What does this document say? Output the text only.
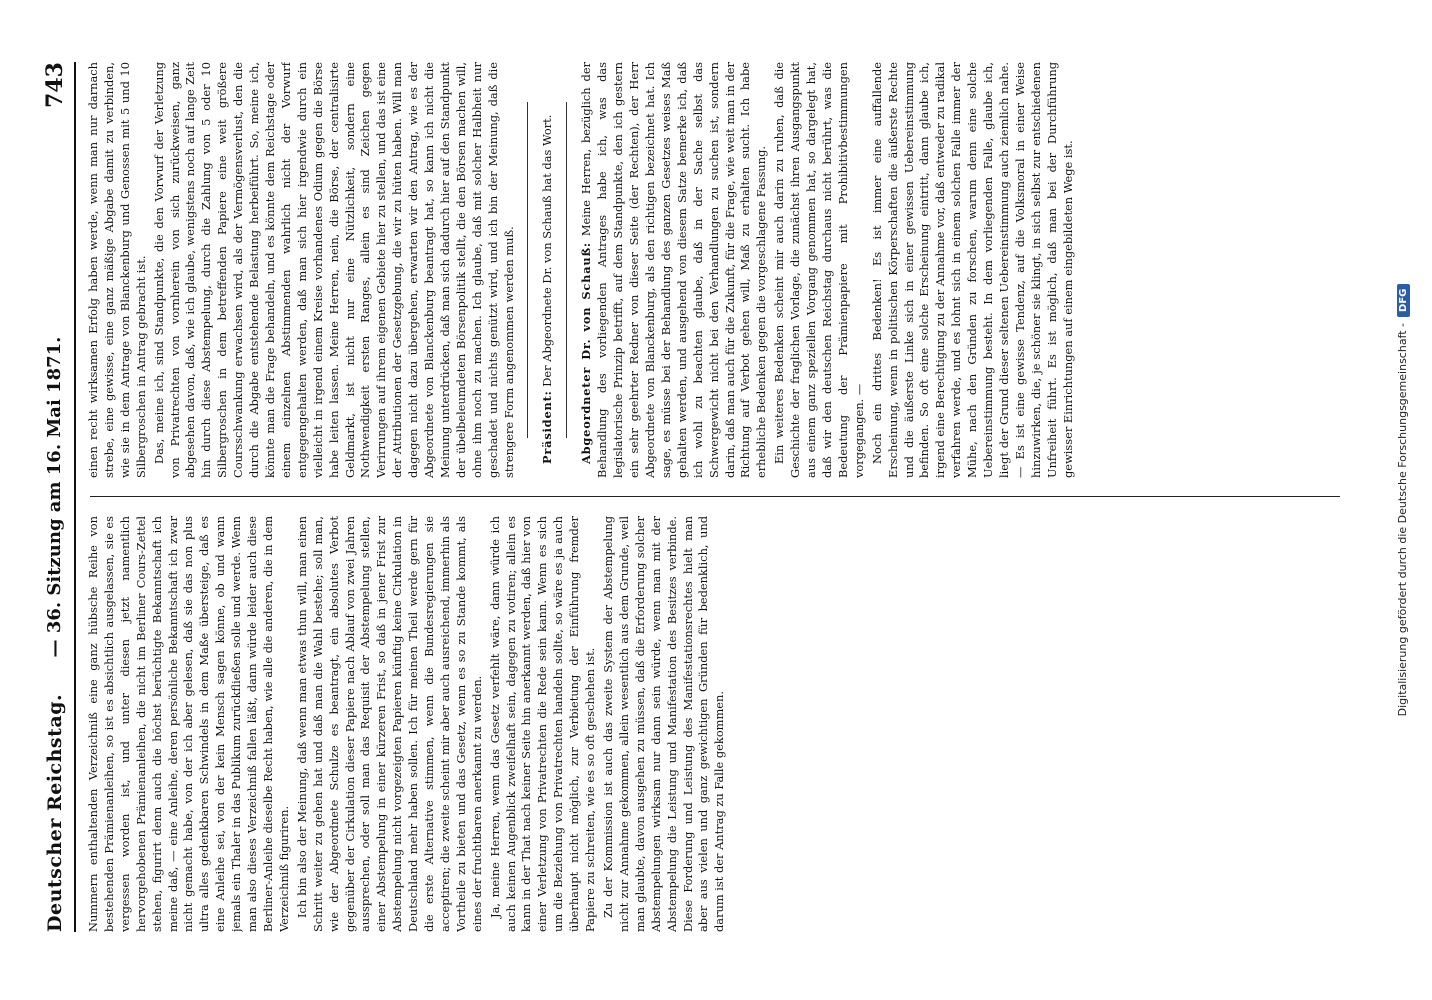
Deutscher Reichstag.
— 36. Sitzung am 16. Mai 1871.
743

Nummern enthaltenden Verzeichniß eine ganz hübsche Reihe von bestehenden Prämienanleihen, so ist es absichtlich ausgelassen, sie es vergessen worden ist, und unter diesen jetzt namentlich hervorgehobenen Prämienanleihen, die nicht im Berliner Cours-Zettel stehen, figurirt denn auch die höchst berüchtigte Bekanntschaft ich meine daß, — eine Anleihe, deren persönliche Bekanntschaft ich zwar nicht gemacht habe, von der ich aber gelesen, daß sie das non plus ultra alles gedenkbaren Schwindels in dem Maße übersteige, daß es eine Anleihe sei, von der kein Mensch sagen könne, ob und wann jemals ein Thaler in das Publikum zurückfließen solle und werde. Wenn man also dieses Verzeichniß fallen läßt, dann würde leider auch diese Berliner-Anleihe dieselbe Recht haben, wie alle die anderen, die in dem Verzeichniß figuriren. Ich bin also der Meinung, daß wenn man etwas thun will, man einen Schritt weiter zu gehen hat und daß man die Wahl bestehe; soll man, wie der Abgeordnete Schulze es beantragt, ein absolutes Verbot gegenüber der Cirkulation dieser Papiere nach Ablauf von zwei Jahren aussprechen, oder soll man das Requisit der Abstempelung stellen, einer Abstempelung in einer kürzeren Frist, so daß in jener Frist zur Abstempelung nicht vorgezeigten Papieren künftig keine Cirkulation in Deutschland mehr haben sollen. Ich für meinen Theil werde gern für die erste Alternative stimmen, wenn die Bundesregierungen sie acceptiren; die zweite scheint mir aber auch ausreichend, immerhin als Vortheile zu bieten und das Gesetz, wenn es so zu Stande kommt, als eines der fruchtbaren anerkannt zu werden. Ja, meine Herren, wenn das Gesetz verfehlt wäre, dann würde ich auch keinen Augenblick zweifelhaft sein, dagegen zu votiren; allein es kann in der That nach keiner Seite hin anerkannt werden, daß hier von einer Verletzung von Privatrechten die Rede sein kann. Wenn es sich um die Beziehung von Privatrechten handeln sollte, so wäre es ja auch überhaupt nicht möglich, zur Verbietung der Einführung fremder Papiere zu schreiten, wie es so oft geschehen ist. Zu der Kommission ist auch das zweite System der Abstempelung nicht zur Annahme gekommen, allein wesentlich aus dem Grunde, weil man glaubte, davon ausgehen zu müssen, daß die Erforderung solcher Abstempelungen wirksam nur dann sein würde, wenn man mit der Abstempelung die Leistung und Manifestation des Besitzes verbinde. Diese Forderung und Leistung des Manifestationsrechtes hielt man aber aus vielen und ganz gewichtigen Gründen für bedenklich, und darum ist der Antrag zu Falle gekommen.

einen recht wirksamen Erfolg haben werde, wenn man nur darnach strebe, eine gewisse, eine ganz mäßige Abgabe damit zu verbinden, wie sie in dem Antrage von Blanckenburg und Genossen mit 5 und 10 Silbergroschen in Antrag gebracht ist. Das, meine ich, sind Standpunkte, die den Vorwurf der Verletzung von Privatrechten von vornherein von sich zurückweisen, ganz abgesehen davon, daß, wie ich glaube, wenigstens noch auf lange Zeit hin durch diese Abstempelung, durch die Zahlung von 5 oder 10 Silbergroschen in dem betreffenden Papiere eine weit größere Coursschwankung erwachsen wird, als der Vermögensverlust, den die durch die Abgabe entstehende Belastung herbeiführt. So, meine ich, könnte man die Frage behandeln, und es könnte dem Reichstage oder einem einzelnen Abstimmenden wahrlich nicht der Vorwurf entgegengehalten werden, daß man sich hier irgendwie durch ein vielleicht in irgend einem Kreise vorhandenes Odium gegen die Börse habe leiten lassen. Meine Herren, nein, die Börse, der centralisirte Geldmarkt, ist nicht nur eine Nützlichkeit, sondern eine Nothwendigkeit ersten Ranges, allein es sind Zeichen gegen Verirrungen auf ihrem eigenen Gebiete hier zu stellen, und das ist eine der Attributionen der Gesetzgebung, die wir zu hüten haben. Will man dagegen nicht dazu übergehen, erwarten wir den Antrag, wie es der Abgeordnete von Blanckenburg beantragt hat, so kann ich nicht die Meinung unterdrücken, daß man sich dadurch hier auf den Standpunkt der übelbeleumdeten Börsenpolitik stellt, die den Börsen machen will, ohne ihm noch zu machen. Ich glaube, daß mit solcher Halbheit nur geschadet und nichts genützt wird, und ich bin der Meinung, daß die strengere Form angenommen werden muß. Präsident: Der Abgeordnete Dr. von Schauß hat das Wort. Abgeordneter Dr. von Schauß: Meine Herren, bezüglich der Behandlung des vorliegenden Antrages habe ich, was das legislatorische Prinzip betrifft, auf dem Standpunkte, den ich gestern ein sehr geehrter Redner von dieser Seite (der Rechten), der Herr Abgeordnete von Blanckenburg, als den richtigen bezeichnet hat. Ich sage, es müsse bei der Behandlung des ganzen Gesetzes weises Maß gehalten werden, und ausgehend von diesem Satze bemerke ich, daß ich wohl zu beachten glaube, daß in der Sache selbst das Schwergewicht nicht bei den Verhandlungen zu suchen ist, sondern darin, daß man auch für die Zukunft, für die Frage, wie weit man in der Richtung auf Verbot gehen will, Maß zu erhalten sucht. Ich habe erhebliche Bedenken gegen die vorgeschlagene Fassung. Ein weiteres Bedenken scheint mir auch darin zu ruhen, daß die Geschichte der fraglichen Vorlage, die zunächst ihren Ausgangspunkt aus einem ganz speziellen Vorgang genommen hat, so dargelegt hat, daß wir den deutschen Reichstag durchaus nicht berührt, was die Bedeutung der Prämienpapiere mit Prohibitivbestimmungen vorgegangen. — Noch ein drittes Bedenken! Es ist immer eine auffallende Erscheinung, wenn in politischen Körperschaften die äußerste Rechte und die äußerste Linke sich in einer gewissen Uebereinstimmung befinden. So oft eine solche Erscheinung eintritt, dann glaube ich, irgend eine Berechtigung zu der Annahme vor, daß entweder zu radikal verfahren werde, und es lohnt sich in einem solchen Falle immer der Mühe, nach den Gründen zu forschen, warum denn eine solche Uebereinstimmung besteht. In dem vorliegenden Falle, glaube ich, liegt der Grund dieser seltenen Uebereinstimmung auch ziemlich nahe. — Es ist eine gewisse Tendenz, auf die Volksmoral in einer Weise hinzuwirken, die, je schöner sie klingt, in sich selbst zur entschiedenen Unfreiheit führt. Es ist möglich, daß man bei der Durchführung gewisser Einrichtungen auf einem eingebildeten Wege ist.

Digitalisierung gefördert durch die Deutsche Forschungsgemeinschaft -DFG
